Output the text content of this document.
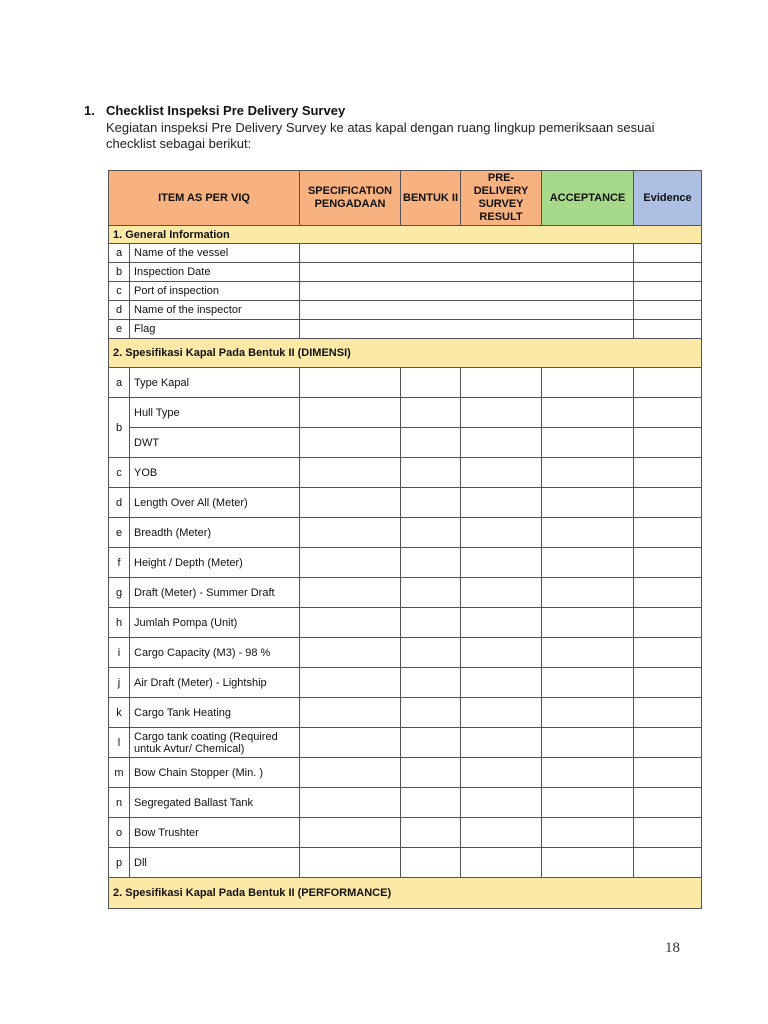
1. Checklist Inspeksi Pre Delivery Survey
Kegiatan inspeksi Pre Delivery Survey ke atas kapal dengan ruang lingkup pemeriksaan sesuai checklist sebagai berikut:
ITEM AS PER VIQ		SPECIFICATION PENGADAAN	BENTUK II	PRE-DELIVERY SURVEY RESULT	ACCEPTANCE	Evidence
1. General Information						
a	Name of the vessel					
b	Inspection Date					
c	Port of inspection					
d	Name of the inspector					
e	Flag					
2. Spesifikasi Kapal Pada Bentuk II (DIMENSI)						
a	Type Kapal					
b	Hull Type					
	DWT					
c	YOB					
d	Length Over All (Meter)					
e	Breadth (Meter)					
f	Height / Depth (Meter)					
g	Draft (Meter) - Summer Draft					
h	Jumlah Pompa (Unit)					
i	Cargo Capacity (M3) - 98 %					
j	Air Draft (Meter) - Lightship					
k	Cargo Tank Heating					
l	Cargo tank coating (Required untuk Avtur/ Chemical)					
m	Bow Chain Stopper (Min. )					
n	Segregated Ballast Tank					
o	Bow Trushter					
p	Dll					
2. Spesifikasi Kapal Pada Bentuk II (PERFORMANCE)						
18
